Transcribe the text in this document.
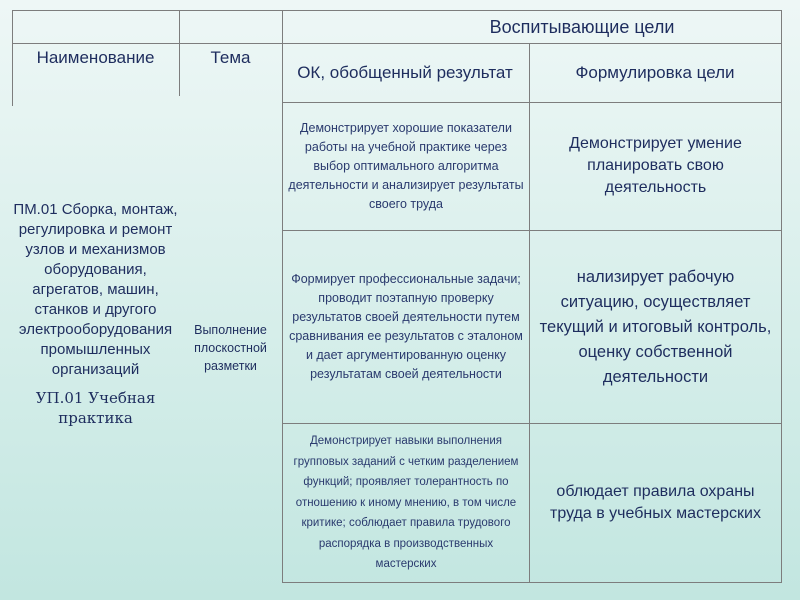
Воспитывающие цели
Наименование	Тема
ОК, обобщенный результат	Формулировка цели
ПМ.01 Сборка, монтаж, регулировка и ремонт узлов и механизмов оборудования, агрегатов, машин, станков и другого электрооборудования промышленных организаций
УП.01 Учебная практика
Выполнение плоскостной разметки
Демонстрирует хорошие показатели работы на учебной практике через выбор оптимального алгоритма деятельности и анализирует результаты своего труда
Демонстрирует умение планировать свою деятельность
Формирует профессиональные задачи; проводит поэтапную проверку результатов своей деятельности путем сравнивания ее результатов с эталоном и дает аргументированную оценку результатам своей деятельности
нализирует рабочую ситуацию, осуществляет текущий и итоговый контроль, оценку собственной деятельности
Демонстрирует навыки выполнения групповых заданий с четким разделением функций; проявляет толерантность по отношению к иному мнению, в том числе критике; соблюдает правила трудового распорядка в производственных мастерских
облюдает правила охраны труда в учебных мастерских
